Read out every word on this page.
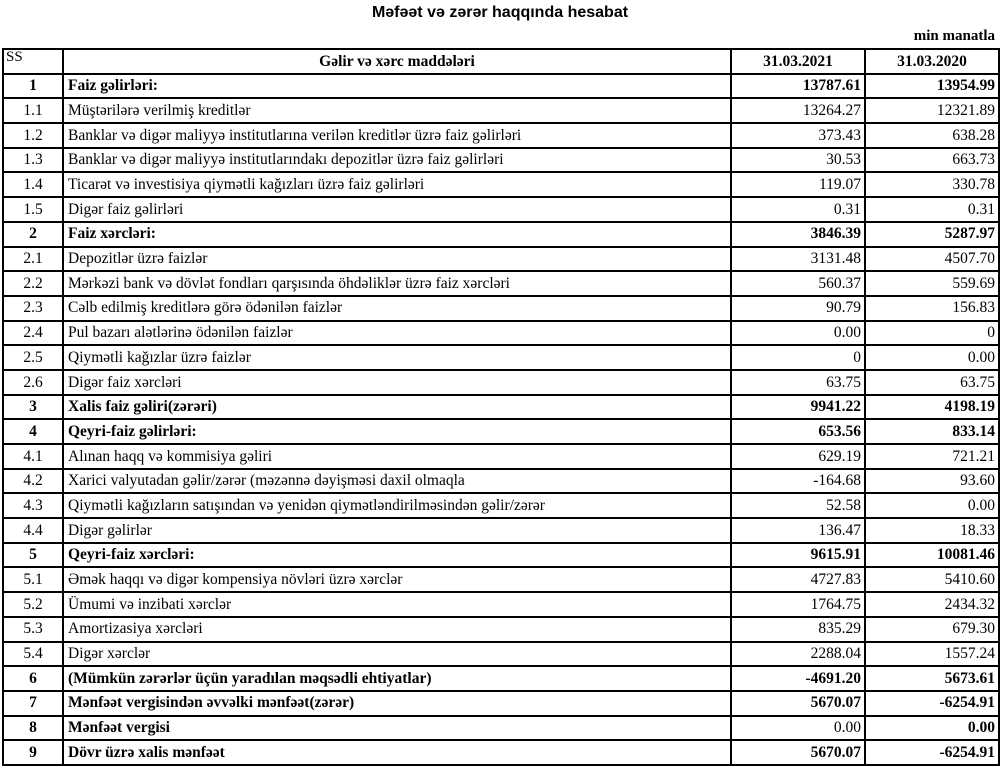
Məfəət və zərər haqqında hesabat
min manatla
SS	Gəlir və xərc maddələri	31.03.2021	31.03.2020
1	Faiz gəlirləri:	13787.61	13954.99
1.1	Müştərilərə verilmiş kreditlər	13264.27	12321.89
1.2	Banklar və digər maliyyə institutlarına verilən kreditlər üzrə faiz gəlirləri	373.43	638.28
1.3	Banklar və digər maliyyə institutlarındakı depozitlər üzrə faiz gəlirləri	30.53	663.73
1.4	Ticarət və investisiya qiymətli kağızları üzrə faiz gəlirləri	119.07	330.78
1.5	Digər faiz gəlirləri	0.31	0.31
2	Faiz xərcləri:	3846.39	5287.97
2.1	Depozitlər üzrə faizlər	3131.48	4507.70
2.2	Mərkəzi bank və dövlət fondları qarşısında öhdəliklər üzrə faiz xərcləri	560.37	559.69
2.3	Cəlb edilmiş kreditlərə görə ödənilən faizlər	90.79	156.83
2.4	Pul bazarı alətlərinə ödənilən faizlər	0.00	0
2.5	Qiymətli kağızlar üzrə faizlər	0	0.00
2.6	Digər faiz xərcləri	63.75	63.75
3	Xalis faiz gəliri(zərəri)	9941.22	4198.19
4	Qeyri-faiz gəlirləri:	653.56	833.14
4.1	Alınan haqq və kommisiya gəliri	629.19	721.21
4.2	Xarici valyutadan gəlir/zərər (məzənnə dəyişməsi daxil olmaqla	-164.68	93.60
4.3	Qiymətli kağızların satışından və yenidən qiymətləndirilməsindən gəlir/zərər	52.58	0.00
4.4	Digər gəlirlər	136.47	18.33
5	Qeyri-faiz xərcləri:	9615.91	10081.46
5.1	Əmək haqqı və digər kompensiya növləri üzrə xərclər	4727.83	5410.60
5.2	Ümumi və inzibati xərclər	1764.75	2434.32
5.3	Amortizasiya xərcləri	835.29	679.30
5.4	Digər xərclər	2288.04	1557.24
6	(Mümkün zərərlər üçün yaradılan məqsədli ehtiyatlar)	-4691.20	5673.61
7	Mənfəət vergisindən əvvəlki mənfəət(zərər)	5670.07	-6254.91
8	Mənfəət vergisi	0.00	0.00
9	Dövr üzrə xalis mənfəət	5670.07	-6254.91
